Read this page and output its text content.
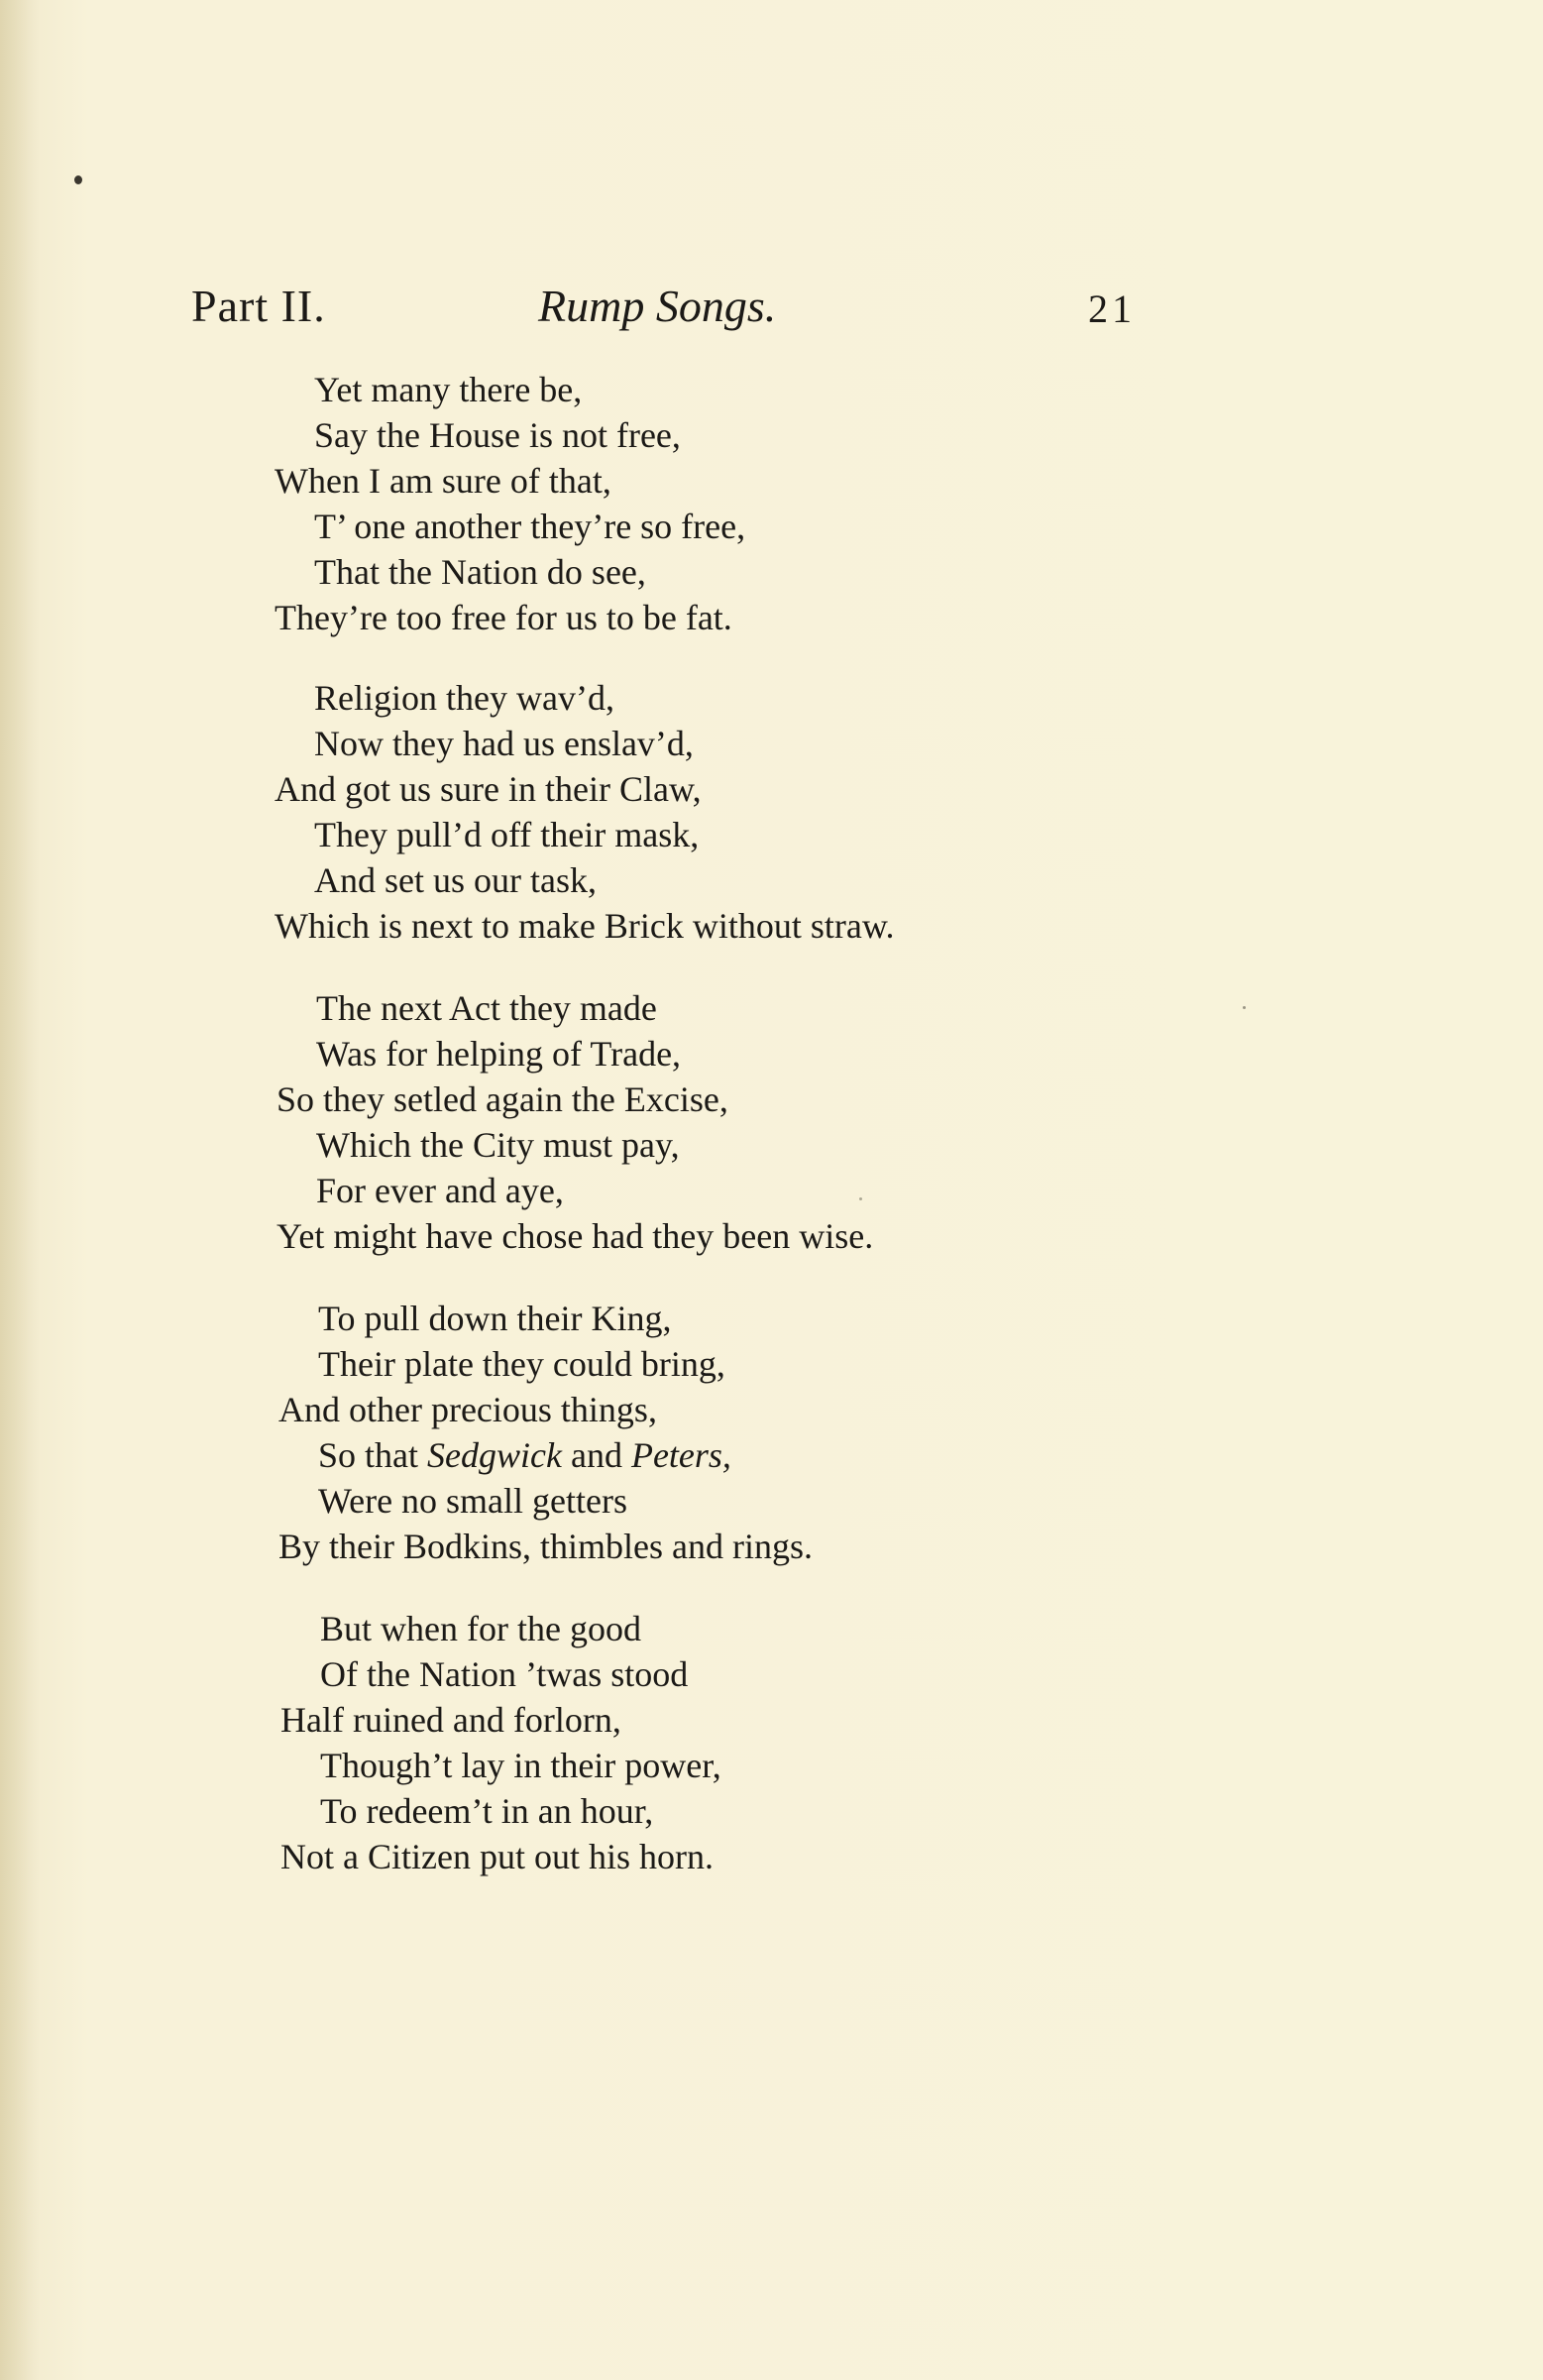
Part II.	Rump Songs.	21
Yet many there be,
Say the House is not free,
When I am sure of that,
T’ one another they’re so free,
That the Nation do see,
They’re too free for us to be fat.
Religion they wav’d,
Now they had us enslav’d,
And got us sure in their Claw,
They pull’d off their mask,
And set us our task,
Which is next to make Brick without straw.
The next Act they made
Was for helping of Trade,
So they setled again the Excise,
Which the City must pay,
For ever and aye,
Yet might have chose had they been wise.
To pull down their King,
Their plate they could bring,
And other precious things,
So that Sedgwick and Peters,
Were no small getters
By their Bodkins, thimbles and rings.
But when for the good
Of the Nation ’twas stood
Half ruined and forlorn,
Though’t lay in their power,
To redeem’t in an hour,
Not a Citizen put out his horn.
